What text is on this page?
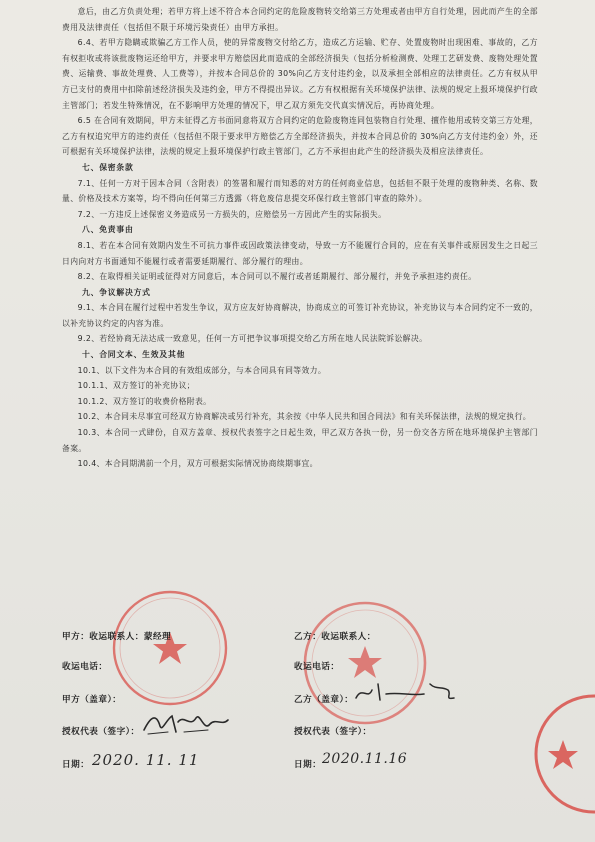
意后，由乙方负责处理；若甲方将上述不符合本合同约定的危险废物转交给第三方处理或者由甲方自行处理，因此而产生的全部费用及法律责任（包括但不限于环境污染责任）由甲方承担。

6.4、若甲方隐瞒或欺骗乙方工作人员，使的异常废物交付给乙方，造成乙方运输、贮存、处置废物时出现困难、事故的，乙方有权拒收或将该批废物运还给甲方，并要求甲方赔偿因此而造成的全部经济损失（包括分析检测费、处理工艺研发费、废物处理处置费、运输费、事故处理费、人工费等），并按本合同总价的 30%向乙方支付违约金，以及承担全部相应的法律责任。乙方有权从甲方已支付的费用中扣除前述经济损失及违约金，甲方不得提出异议。乙方有权根据有关环境保护法律、法规的规定上报环境保护行政主管部门；若发生特殊情况，在不影响甲方处理的情况下，甲乙双方须先交代真实情况后，再协商处理。

6.5 在合同有效期间，甲方未征得乙方书面同意将双方合同约定的危险废物连同包装物自行处理、擅作他用或转交第三方处理，乙方有权追究甲方的违约责任（包括但不限于要求甲方赔偿乙方全部经济损失，并按本合同总价的 30%向乙方支付违约金）外，还可根据有关环境保护法律，法规的规定上报环境保护行政主管部门，乙方不承担由此产生的经济损失及相应法律责任。

七、保密条款

7.1、任何一方对于因本合同（含附表）的签署和履行而知悉的对方的任何商业信息，包括但不限于处理的废物种类、名称、数量、价格及技术方案等，均不得向任何第三方透露（将危废信息提交环保行政主管部门审查的除外）。

7.2、一方违反上述保密义务造成另一方损失的，应赔偿另一方因此产生的实际损失。

八、免责事由

8.1、若在本合同有效期内发生不可抗力事件或因政策法律变动，导致一方不能履行合同的，应在有关事件或原因发生之日起三日内向对方书面通知不能履行或者需要延期履行、部分履行的理由。

8.2、在取得相关证明或征得对方同意后，本合同可以不履行或者延期履行、部分履行，并免予承担违约责任。

九、争议解决方式

9.1、本合同在履行过程中若发生争议，双方应友好协商解决，协商成立的可签订补充协议，补充协议与本合同约定不一致的，以补充协议约定的内容为准。

9.2、若经协商无法达成一致意见，任何一方可把争议事项提交给乙方所在地人民法院诉讼解决。

十、合同文本、生效及其他

10.1、以下文件为本合同的有效组成部分，与本合同具有同等效力。

10.1.1、双方签订的补充协议；

10.1.2、双方签订的收费价格附表。

10.2、本合同未尽事宜可经双方协商解决或另行补充，其余按《中华人民共和国合同法》和有关环保法律，法规的规定执行。

10.3、本合同一式肆份，自双方盖章、授权代表签字之日起生效，甲乙双方各执一份，另一份交各方所在地环境保护主管部门备案。

10.4、本合同期满前一个月，双方可根据实际情况协商续期事宜。

甲方：收运联系人：蒙经理
收运电话：
甲方（盖章）：
授权代表（签字）：
日期： 2020. 11. 11
乙方：收运联系人：
收运电话：
乙方（盖章）：
授权代表（签字）：
日期： 2020.11.16
